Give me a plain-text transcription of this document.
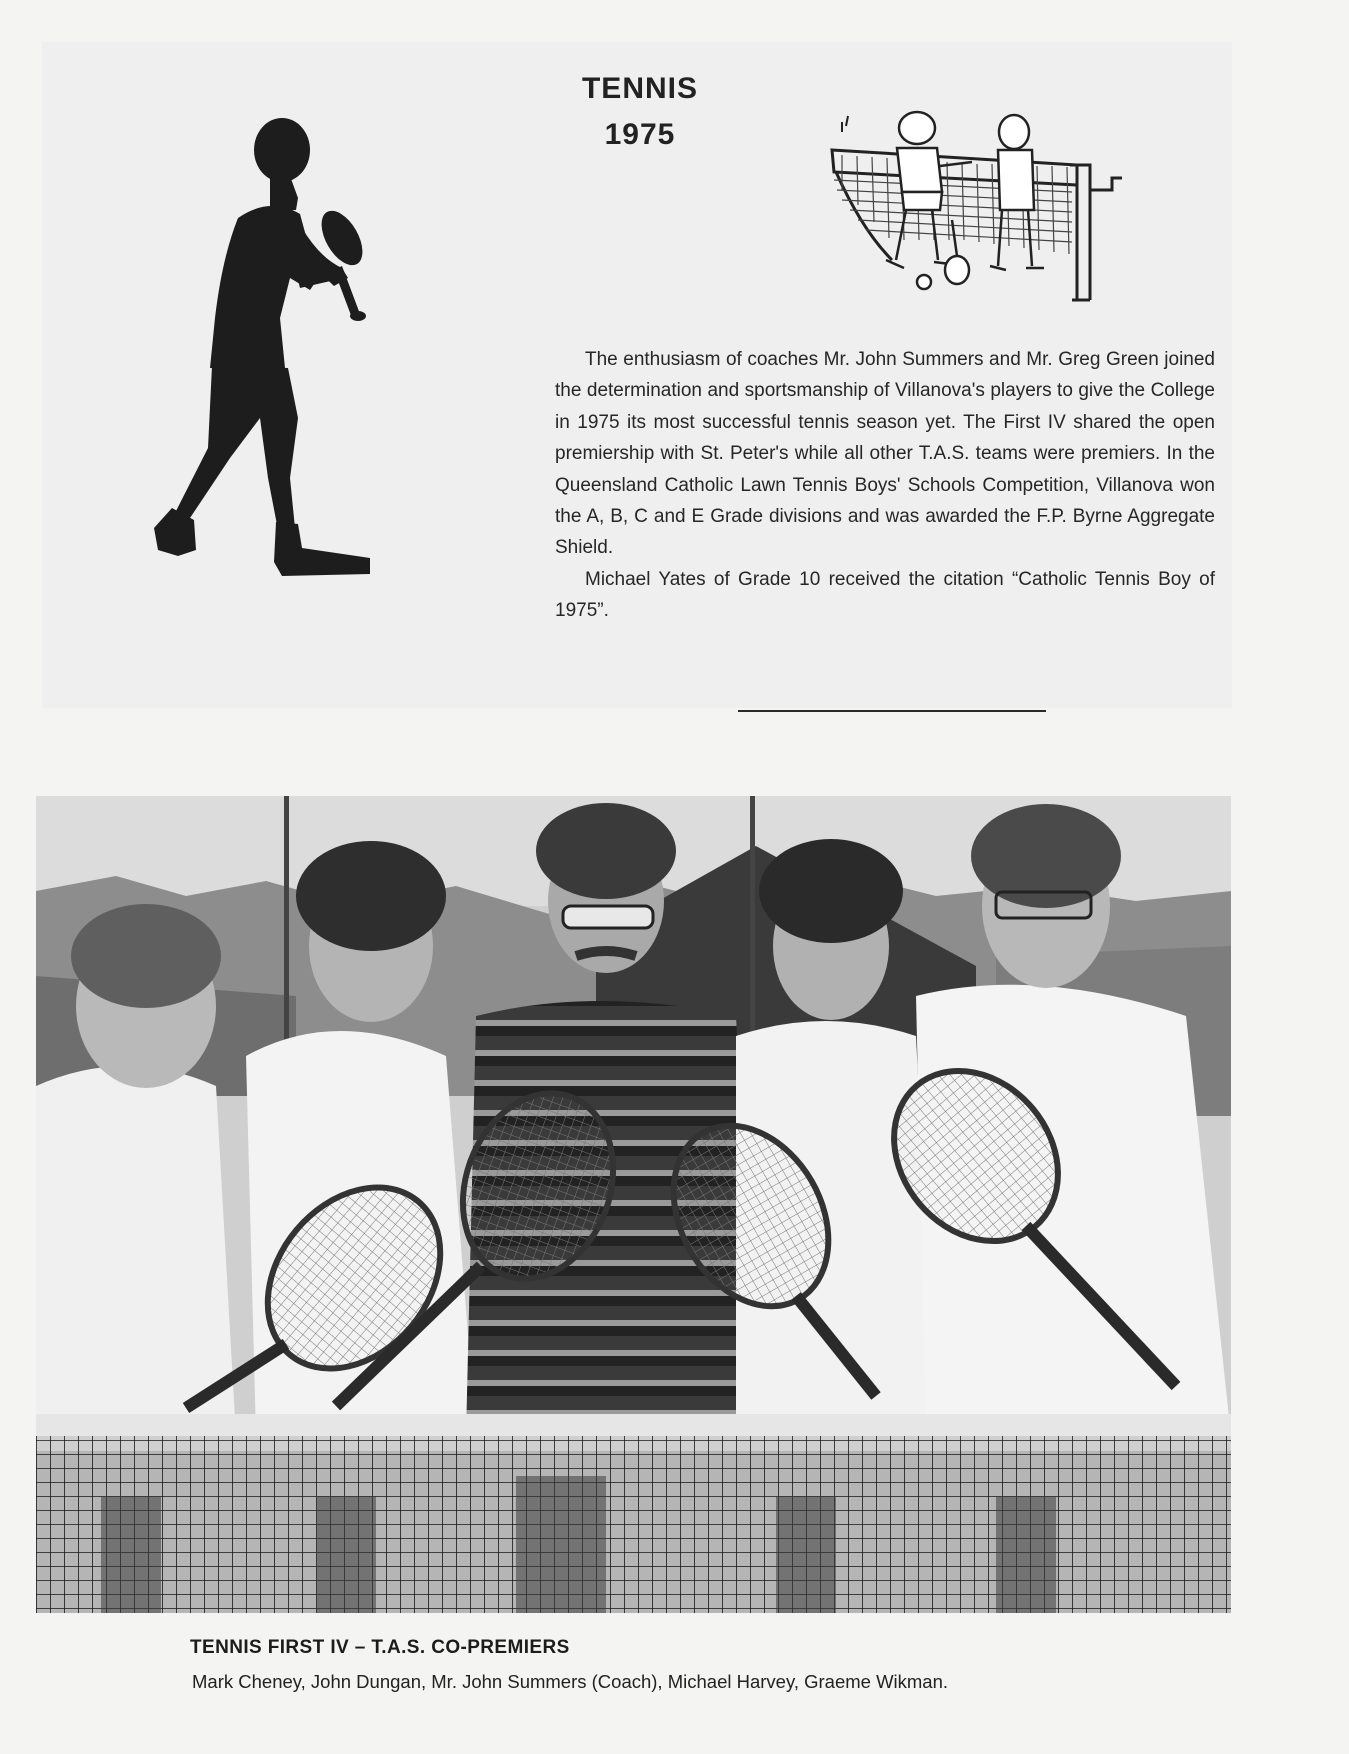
TENNIS
1975

The enthusiasm of coaches Mr. John Summers and Mr. Greg Green joined the determination and sportsmanship of Villanova's players to give the College in 1975 its most successful tennis season yet. The First IV shared the open premiership with St. Peter's while all other T.A.S. teams were premiers. In the Queensland Catholic Lawn Tennis Boys' Schools Competition, Villanova won the A, B, C and E Grade divisions and was awarded the F.P. Byrne Aggregate Shield.

Michael Yates of Grade 10 received the citation “Catholic Tennis Boy of 1975”.

TENNIS FIRST IV – T.A.S. CO-PREMIERS
Mark Cheney, John Dungan, Mr. John Summers (Coach), Michael Harvey, Graeme Wikman.
